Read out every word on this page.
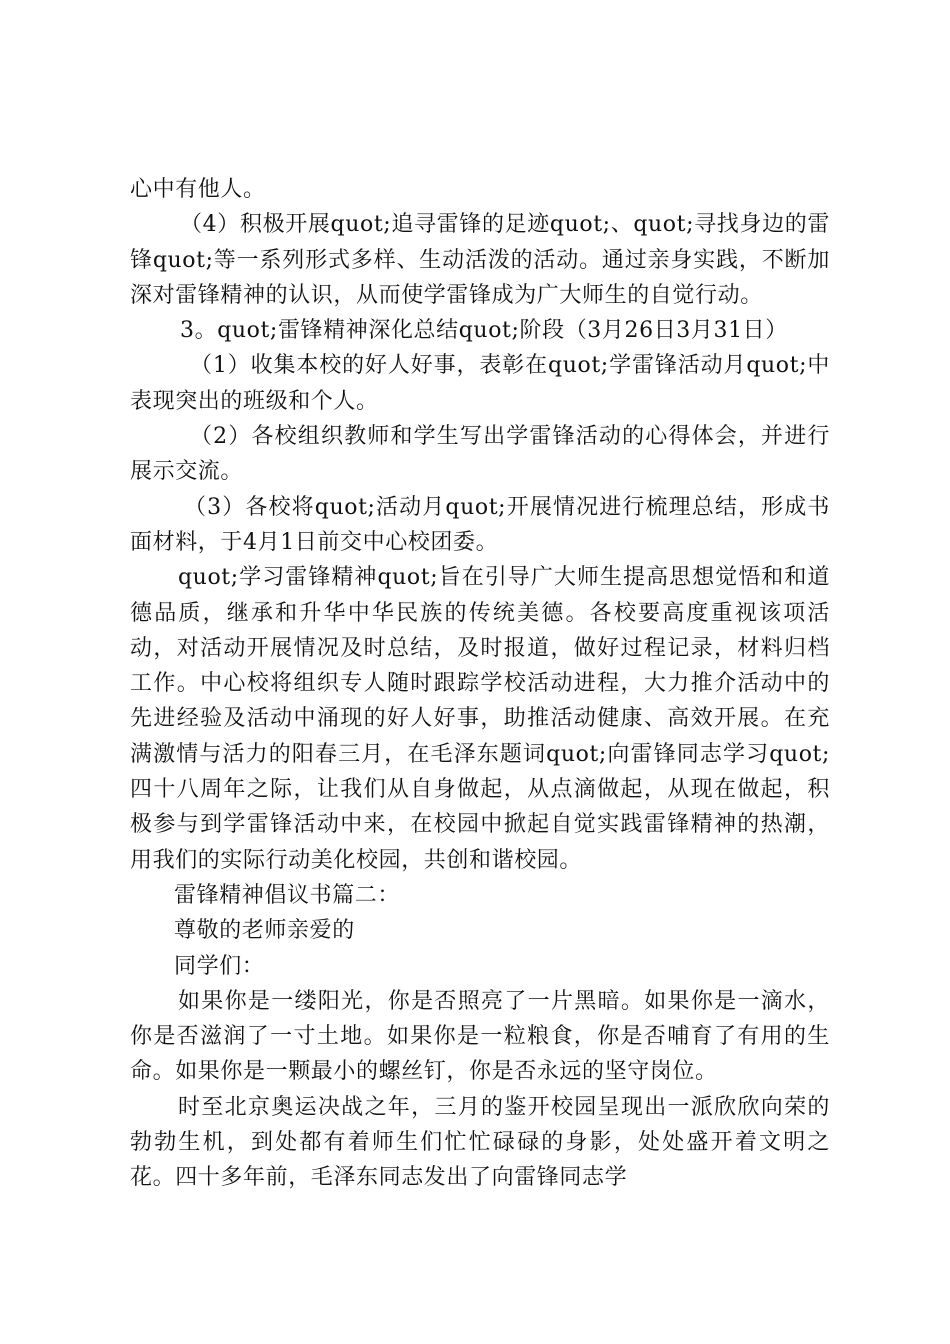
心中有他人。

（4）积极开展quot;追寻雷锋的足迹quot;、quot;寻找身边的雷锋quot;等一系列形式多样、生动活泼的活动。通过亲身实践，不断加深对雷锋精神的认识，从而使学雷锋成为广大师生的自觉行动。

3。quot;雷锋精神深化总结quot;阶段（3月26日3月31日）

（1）收集本校的好人好事，表彰在quot;学雷锋活动月quot;中表现突出的班级和个人。

（2）各校组织教师和学生写出学雷锋活动的心得体会，并进行展示交流。

（3）各校将quot;活动月quot;开展情况进行梳理总结，形成书面材料，于4月1日前交中心校团委。

quot;学习雷锋精神quot;旨在引导广大师生提高思想觉悟和和道德品质，继承和升华中华民族的传统美德。各校要高度重视该项活动，对活动开展情况及时总结，及时报道，做好过程记录，材料归档工作。中心校将组织专人随时跟踪学校活动进程，大力推介活动中的先进经验及活动中涌现的好人好事，助推活动健康、高效开展。在充满激情与活力的阳春三月，在毛泽东题词quot;向雷锋同志学习quot;四十八周年之际，让我们从自身做起，从点滴做起，从现在做起，积极参与到学雷锋活动中来，在校园中掀起自觉实践雷锋精神的热潮，用我们的实际行动美化校园，共创和谐校园。

雷锋精神倡议书篇二：

尊敬的老师亲爱的

同学们：

如果你是一缕阳光，你是否照亮了一片黑暗。如果你是一滴水，你是否滋润了一寸土地。如果你是一粒粮食，你是否哺育了有用的生命。如果你是一颗最小的螺丝钉，你是否永远的坚守岗位。

时至北京奥运决战之年，三月的鉴开校园呈现出一派欣欣向荣的勃勃生机，到处都有着师生们忙忙碌碌的身影，处处盛开着文明之花。四十多年前，毛泽东同志发出了向雷锋同志学
